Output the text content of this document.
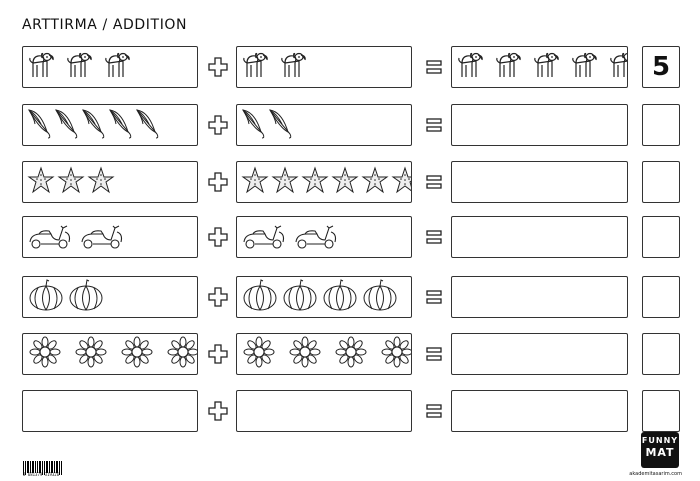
ARTTIRMA / ADDITION
5
8 681379 319326
FUNNY
MAT
akademitasarim.com
